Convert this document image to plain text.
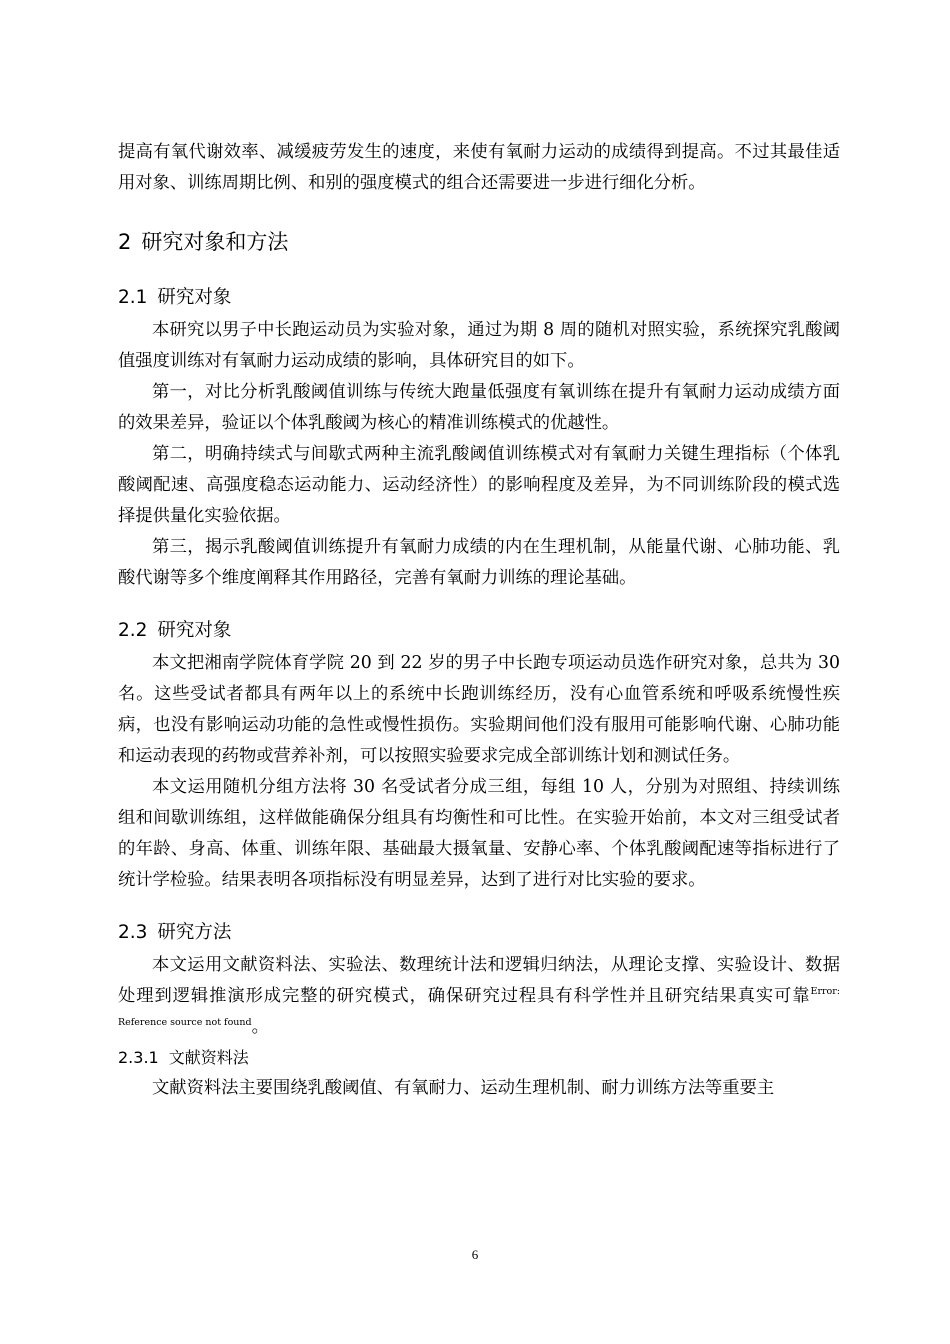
提高有氧代谢效率、减缓疲劳发生的速度，来使有氧耐力运动的成绩得到提高。不过其最佳适用对象、训练周期比例、和别的强度模式的组合还需要进一步进行细化分析。

2 研究对象和方法
2.1 研究对象

本研究以男子中长跑运动员为实验对象，通过为期 8 周的随机对照实验，系统探究乳酸阈值强度训练对有氧耐力运动成绩的影响，具体研究目的如下。

第一，对比分析乳酸阈值训练与传统大跑量低强度有氧训练在提升有氧耐力运动成绩方面的效果差异，验证以个体乳酸阈为核心的精准训练模式的优越性。

第二，明确持续式与间歇式两种主流乳酸阈值训练模式对有氧耐力关键生理指标（个体乳酸阈配速、高强度稳态运动能力、运动经济性）的影响程度及差异，为不同训练阶段的模式选择提供量化实验依据。

第三，揭示乳酸阈值训练提升有氧耐力成绩的内在生理机制，从能量代谢、心肺功能、乳酸代谢等多个维度阐释其作用路径，完善有氧耐力训练的理论基础。

2.2 研究对象

本文把湘南学院体育学院 20 到 22 岁的男子中长跑专项运动员选作研究对象，总共为 30 名。这些受试者都具有两年以上的系统中长跑训练经历，没有心血管系统和呼吸系统慢性疾病，也没有影响运动功能的急性或慢性损伤。实验期间他们没有服用可能影响代谢、心肺功能和运动表现的药物或营养补剂，可以按照实验要求完成全部训练计划和测试任务。

本文运用随机分组方法将 30 名受试者分成三组，每组 10 人，分别为对照组、持续训练组和间歇训练组，这样做能确保分组具有均衡性和可比性。在实验开始前，本文对三组受试者的年龄、身高、体重、训练年限、基础最大摄氧量、安静心率、个体乳酸阈配速等指标进行了统计学检验。结果表明各项指标没有明显差异，达到了进行对比实验的要求。

2.3 研究方法

本文运用文献资料法、实验法、数理统计法和逻辑归纳法，从理论支撑、实验设计、数据处理到逻辑推演形成完整的研究模式，确保研究过程具有科学性并且研究结果真实可靠$^{Error: Reference source not found}$。

2.3.1 文献资料法

文献资料法主要围绕乳酸阈值、有氧耐力、运动生理机制、耐力训练方法等重要主

6
